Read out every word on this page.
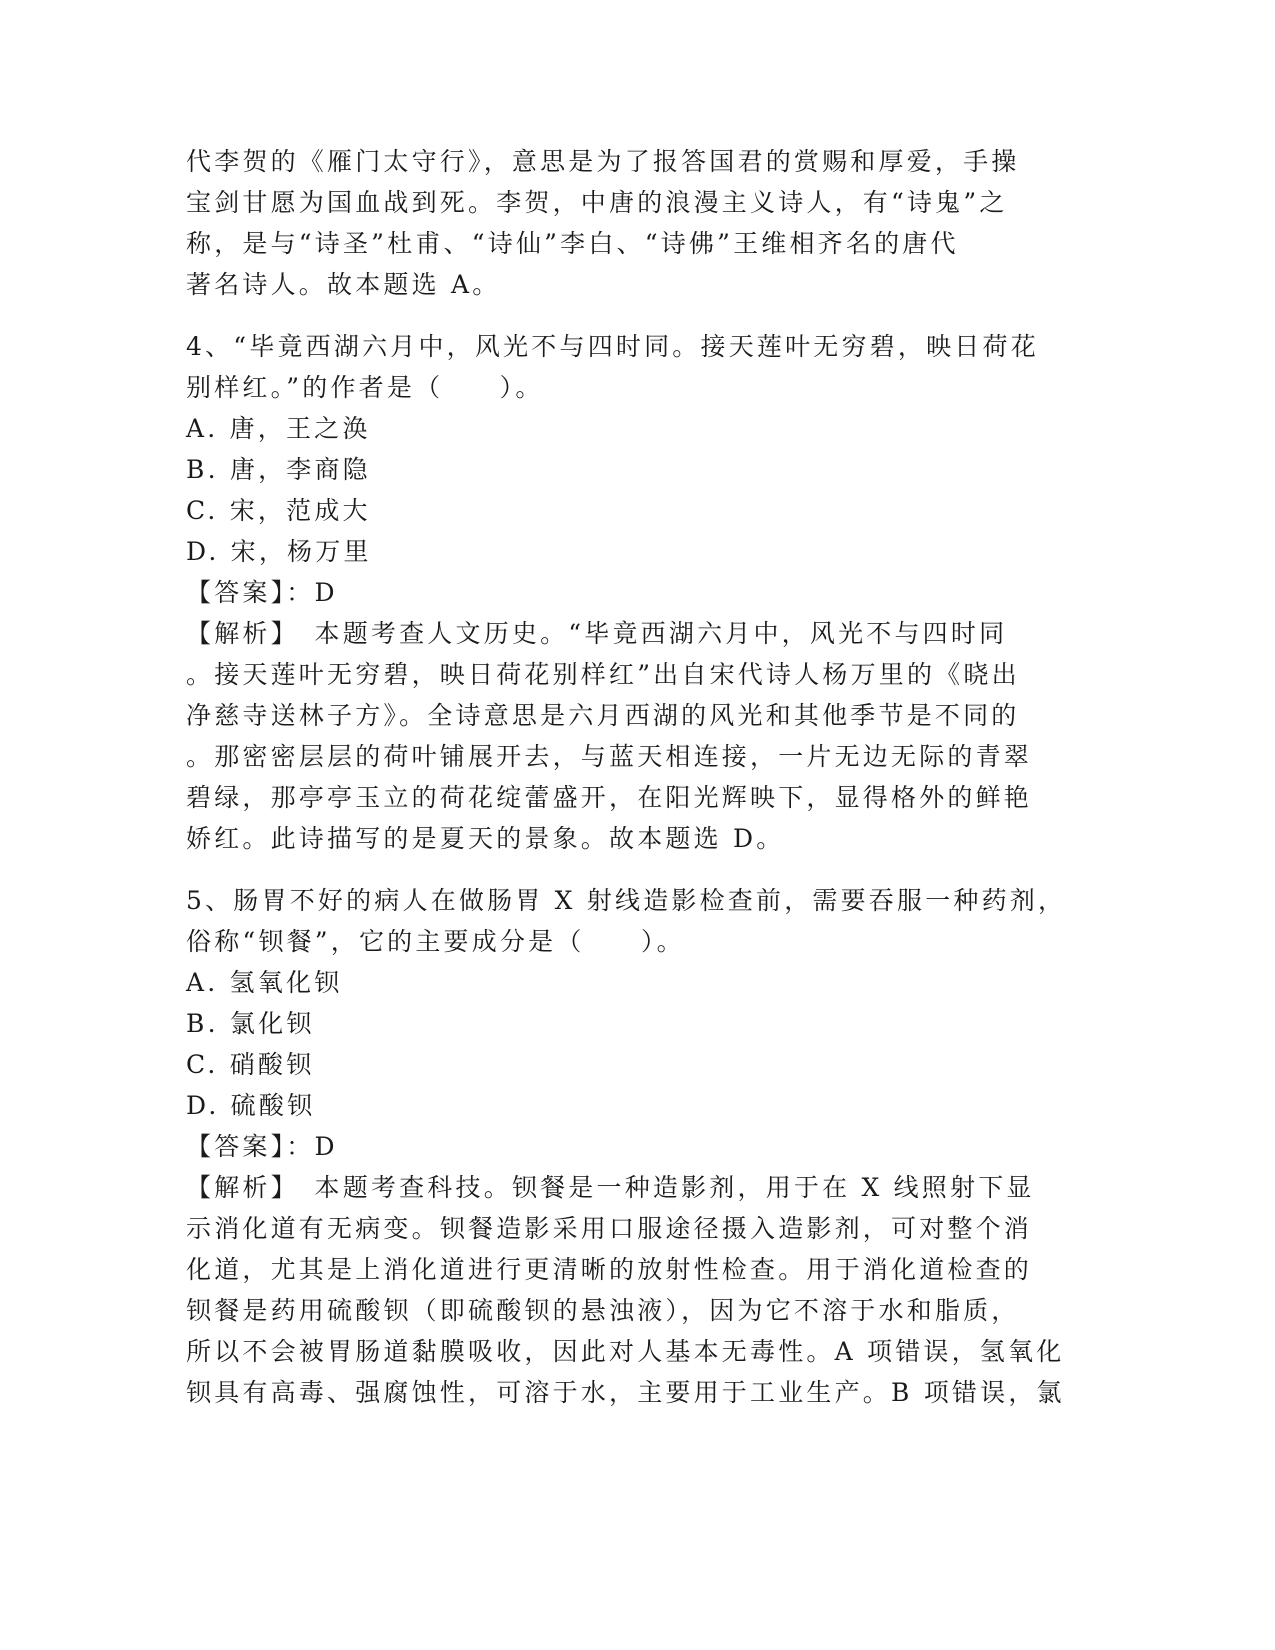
代李贺的《雁门太守行》，意思是为了报答国君的赏赐和厚爱，手操
宝剑甘愿为国血战到死。李贺，中唐的浪漫主义诗人，有“诗鬼”之
称，是与“诗圣”杜甫、“诗仙”李白、“诗佛”王维相齐名的唐代
著名诗人。故本题选 A。
4、“毕竟西湖六月中，风光不与四时同。接天莲叶无穷碧，映日荷花
别样红。”的作者是（　　）。
A. 唐，王之涣
B. 唐，李商隐
C. 宋，范成大
D. 宋，杨万里
【答案】：D
【解析】　本题考查人文历史。“毕竟西湖六月中，风光不与四时同
。接天莲叶无穷碧，映日荷花别样红”出自宋代诗人杨万里的《晓出
净慈寺送林子方》。全诗意思是六月西湖的风光和其他季节是不同的
。那密密层层的荷叶铺展开去，与蓝天相连接，一片无边无际的青翠
碧绿，那亭亭玉立的荷花绽蕾盛开，在阳光辉映下，显得格外的鲜艳
娇红。此诗描写的是夏天的景象。故本题选 D。
5、肠胃不好的病人在做肠胃 X 射线造影检查前，需要吞服一种药剂，
俗称“钡餐”，它的主要成分是（　　）。
A. 氢氧化钡
B. 氯化钡
C. 硝酸钡
D. 硫酸钡
【答案】：D
【解析】　本题考查科技。钡餐是一种造影剂，用于在 X 线照射下显
示消化道有无病变。钡餐造影采用口服途径摄入造影剂，可对整个消
化道，尤其是上消化道进行更清晰的放射性检查。用于消化道检查的
钡餐是药用硫酸钡（即硫酸钡的悬浊液），因为它不溶于水和脂质，
所以不会被胃肠道黏膜吸收，因此对人基本无毒性。A 项错误，氢氧化
钡具有高毒、强腐蚀性，可溶于水，主要用于工业生产。B 项错误，氯
